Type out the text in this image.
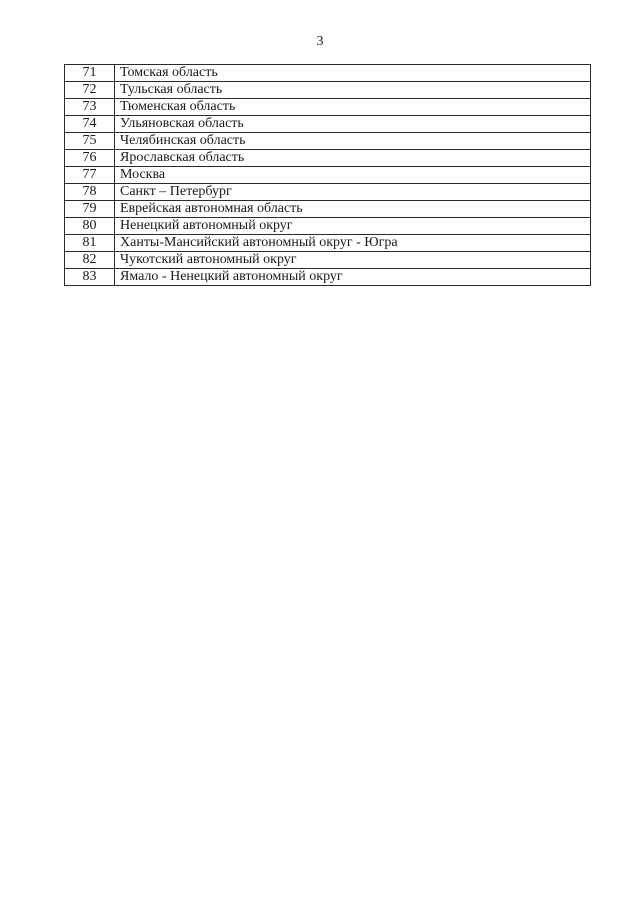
3
71	Томская область
72	Тульская область
73	Тюменская область
74	Ульяновская область
75	Челябинская область
76	Ярославская область
77	Москва
78	Санкт – Петербург
79	Еврейская автономная область
80	Ненецкий автономный округ
81	Ханты-Мансийский автономный округ - Югра
82	Чукотский автономный округ
83	Ямало - Ненецкий автономный округ
